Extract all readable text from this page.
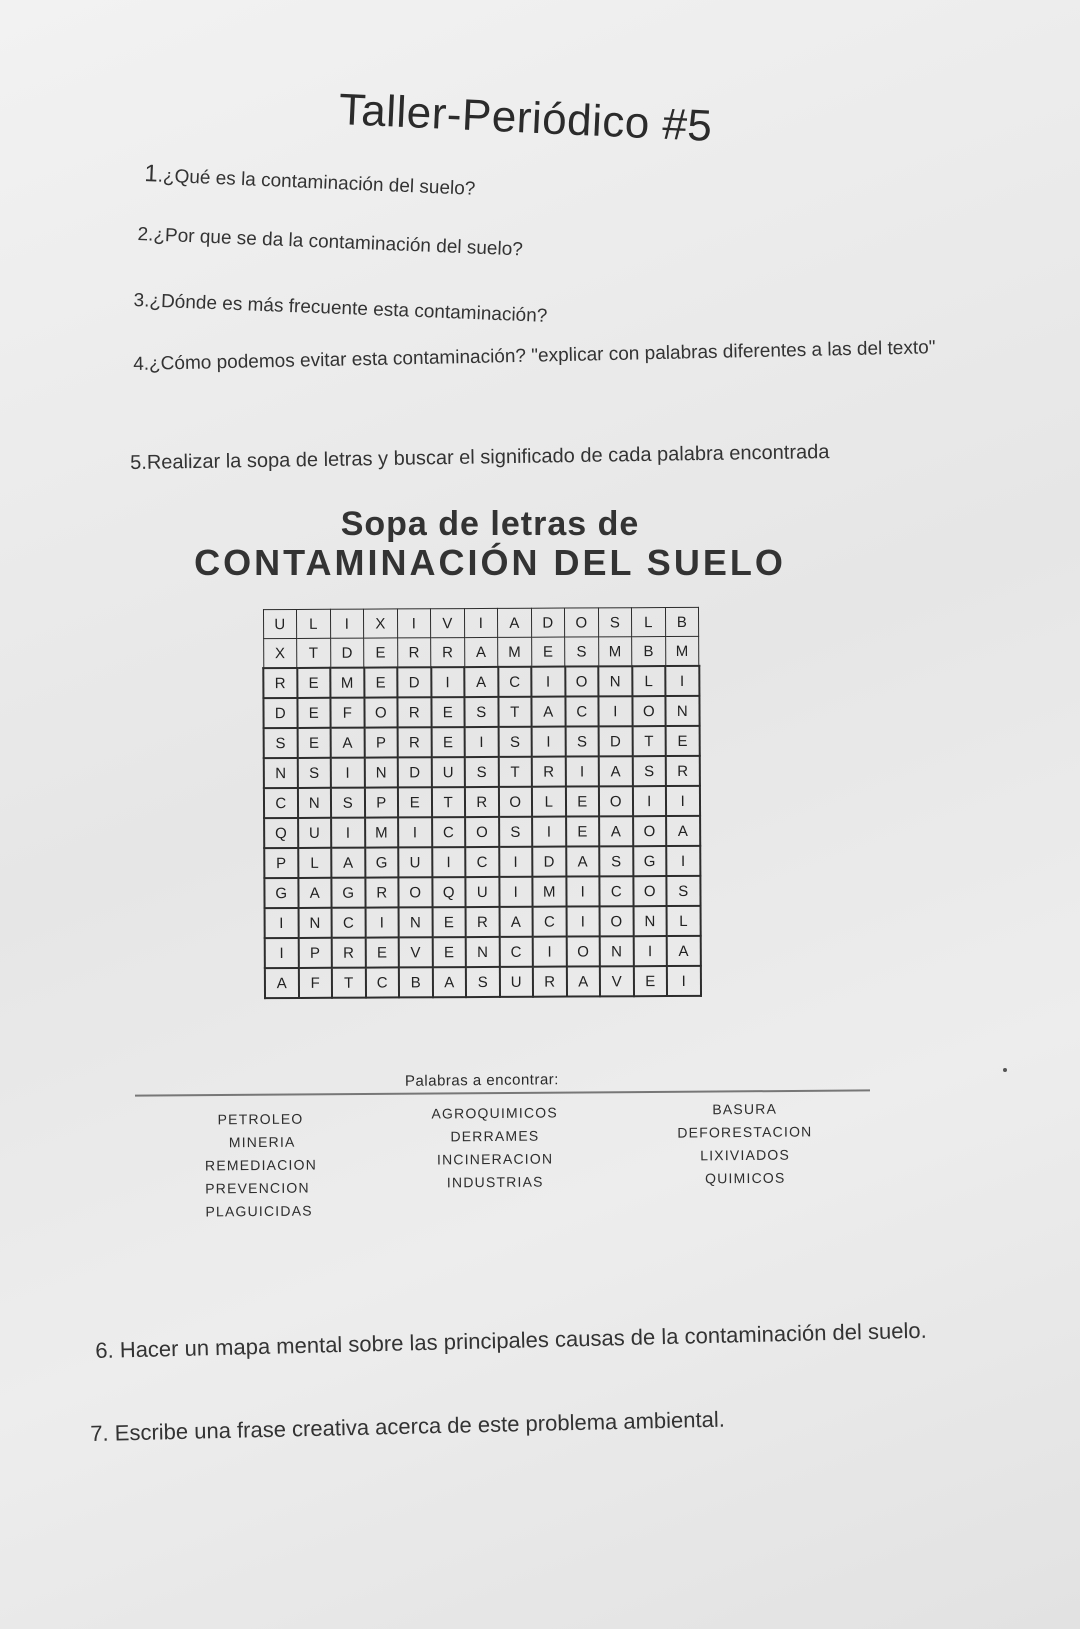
Taller-Periódico #5
1.¿Qué es la contaminación del suelo?
2.¿Por que se da la contaminación del suelo?
3.¿Dónde es más frecuente esta contaminación?
4.¿Cómo podemos evitar esta contaminación? "explicar con palabras diferentes a las del texto"
5.Realizar la sopa de letras y buscar el significado de cada palabra encontrada
Sopa de letras de
CONTAMINACIÓN DEL SUELO
U	L	I	X	I	V	I	A	D	O	S	L	B
X	T	D	E	R	R	A	M	E	S	M	B	M
R	E	M	E	D	I	A	C	I	O	N	L	I
D	E	F	O	R	E	S	T	A	C	I	O	N
S	E	A	P	R	E	I	S	I	S	D	T	E
N	S	I	N	D	U	S	T	R	I	A	S	R
C	N	S	P	E	T	R	O	L	E	O	I	I
Q	U	I	M	I	C	O	S	I	E	A	O	A
P	L	A	G	U	I	C	I	D	A	S	G	I
G	A	G	R	O	Q	U	I	M	I	C	O	S
I	N	C	I	N	E	R	A	C	I	O	N	L
I	P	R	E	V	E	N	C	I	O	N	I	A
A	F	T	C	B	A	S	U	R	A	V	E	I
Palabras a encontrar:
PETROLEO
MINERIA
REMEDIACION
PREVENCION
PLAGUICIDAS
AGROQUIMICOS
DERRAMES
INCINERACION
INDUSTRIAS
BASURA
DEFORESTACION
LIXIVIADOS
QUIMICOS
6. Hacer un mapa mental sobre las principales causas de la contaminación del suelo.
7. Escribe una frase creativa acerca de este problema ambiental.
